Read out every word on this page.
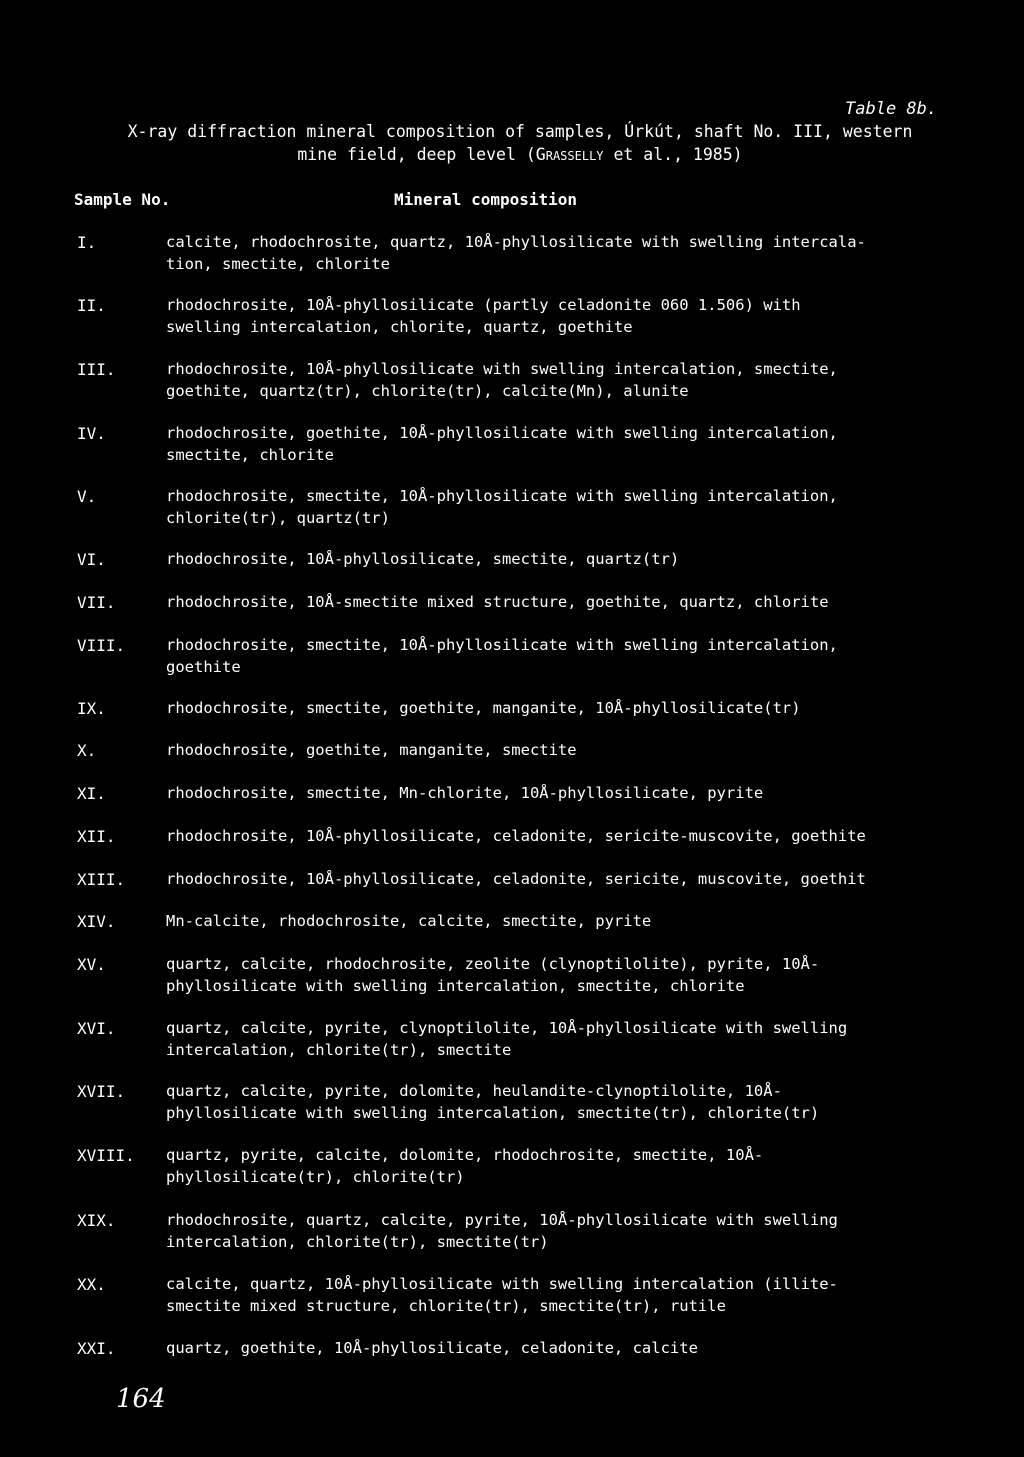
Table 8b.
X-ray diffraction mineral composition of samples, Úrkút, shaft No. III, western
mine field, deep level (Grasselly et al., 1985)
Sample No.	Mineral composition
I.	calcite, rhodochrosite, quartz, 10Å-phyllosilicate with swelling intercala-
tion, smectite, chlorite
II.	rhodochrosite, 10Å-phyllosilicate (partly celadonite 060 1.506) with
swelling intercalation, chlorite, quartz, goethite
III.	rhodochrosite, 10Å-phyllosilicate with swelling intercalation, smectite,
goethite, quartz(tr), chlorite(tr), calcite(Mn), alunite
IV.	rhodochrosite, goethite, 10Å-phyllosilicate with swelling intercalation,
smectite, chlorite
V.	rhodochrosite, smectite, 10Å-phyllosilicate with swelling intercalation,
chlorite(tr), quartz(tr)
VI.	rhodochrosite, 10Å-phyllosilicate, smectite, quartz(tr)
VII.	rhodochrosite, 10Å-smectite mixed structure, goethite, quartz, chlorite
VIII.	rhodochrosite, smectite, 10Å-phyllosilicate with swelling intercalation,
goethite
IX.	rhodochrosite, smectite, goethite, manganite, 10Å-phyllosilicate(tr)
X.	rhodochrosite, goethite, manganite, smectite
XI.	rhodochrosite, smectite, Mn-chlorite, 10Å-phyllosilicate, pyrite
XII.	rhodochrosite, 10Å-phyllosilicate, celadonite, sericite-muscovite, goethite
XIII.	rhodochrosite, 10Å-phyllosilicate, celadonite, sericite, muscovite, goethit
XIV.	Mn-calcite, rhodochrosite, calcite, smectite, pyrite
XV.	quartz, calcite, rhodochrosite, zeolite (clynoptilolite), pyrite, 10Å-
phyllosilicate with swelling intercalation, smectite, chlorite
XVI.	quartz, calcite, pyrite, clynoptilolite, 10Å-phyllosilicate with swelling
intercalation, chlorite(tr), smectite
XVII.	quartz, calcite, pyrite, dolomite, heulandite-clynoptilolite, 10Å-
phyllosilicate with swelling intercalation, smectite(tr), chlorite(tr)
XVIII. quartz, pyrite, calcite, dolomite, rhodochrosite, smectite, 10Å-
phyllosilicate(tr), chlorite(tr)
XIX.	rhodochrosite, quartz, calcite, pyrite, 10Å-phyllosilicate with swelling
intercalation, chlorite(tr), smectite(tr)
XX.	calcite, quartz, 10Å-phyllosilicate with swelling intercalation (illite-
smectite mixed structure, chlorite(tr), smectite(tr), rutile
XXI.	quartz, goethite, 10Å-phyllosilicate, celadonite, calcite
164
